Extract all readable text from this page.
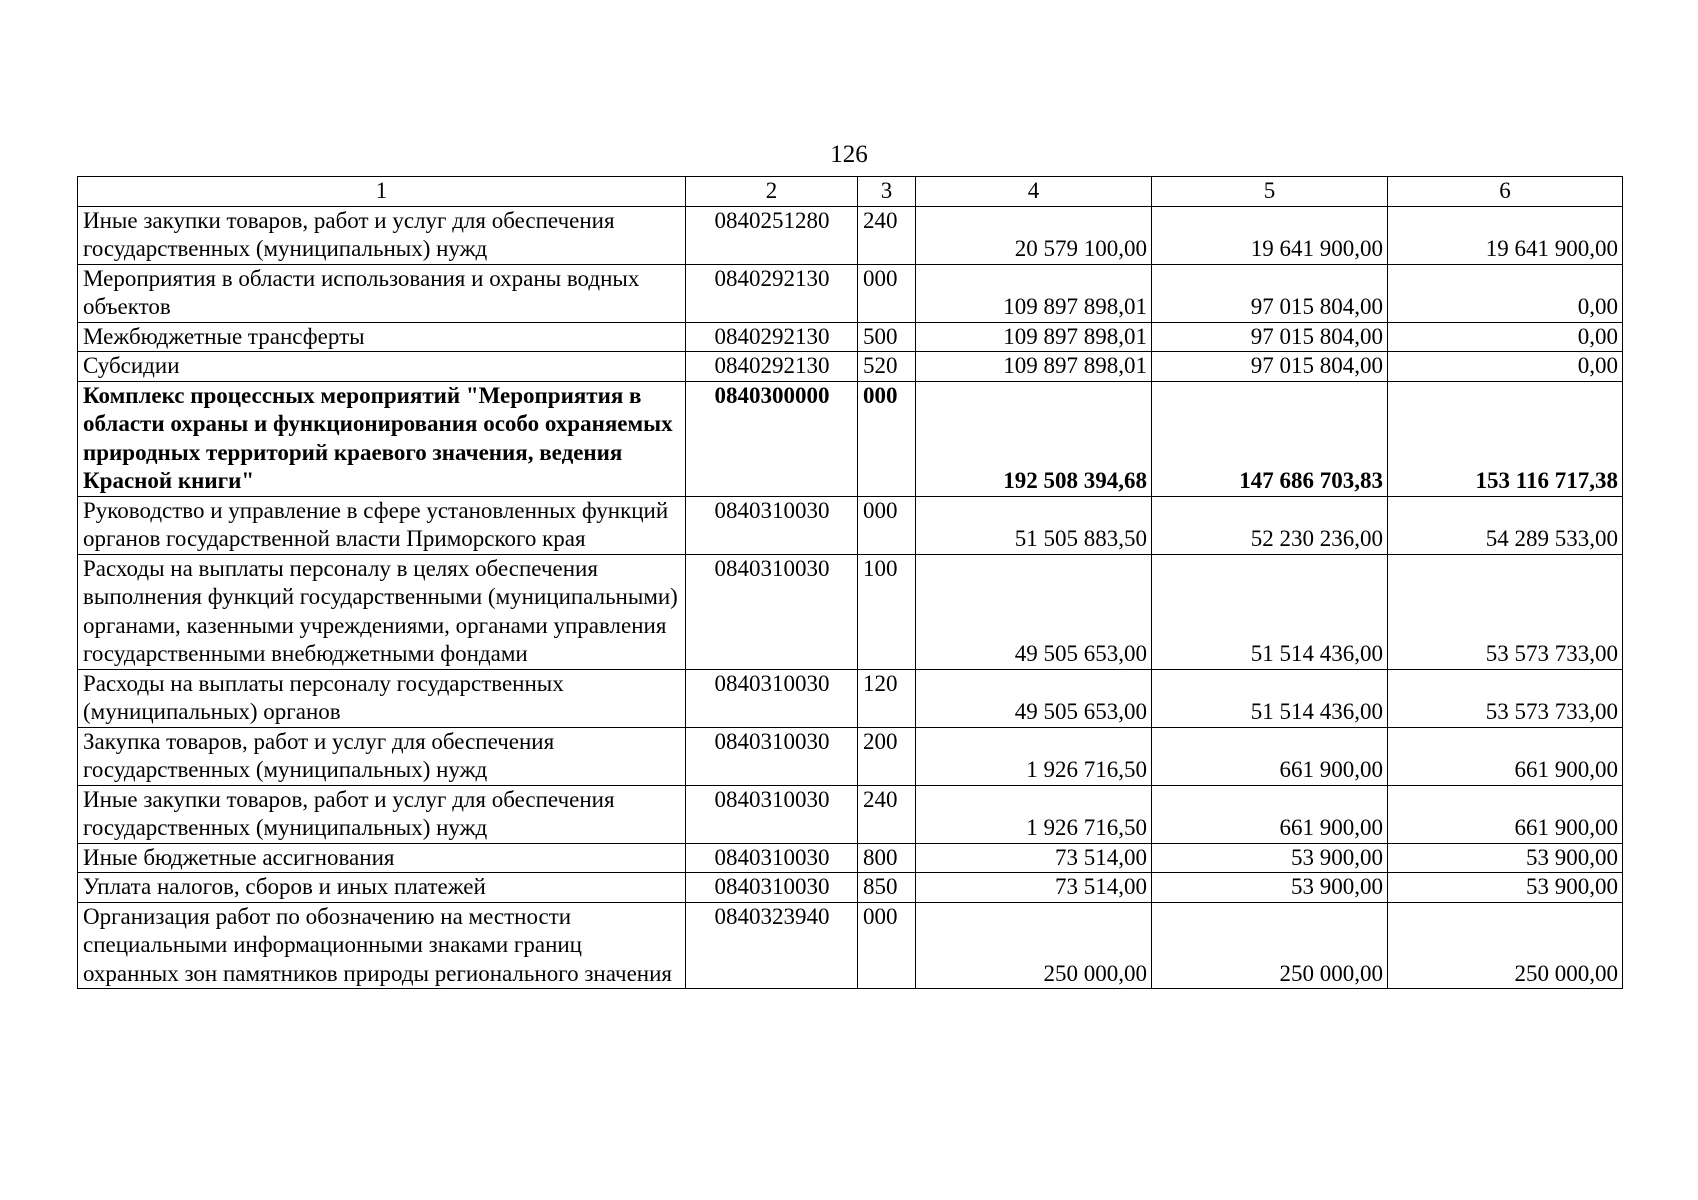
126
1	2	3	4	5	6
Иные закупки товаров, работ и услуг для обеспечения государственных (муниципальных) нужд	0840251280	240	20 579 100,00	19 641 900,00	19 641 900,00
Мероприятия в области использования и охраны водных объектов	0840292130	000	109 897 898,01	97 015 804,00	0,00
Межбюджетные трансферты	0840292130	500	109 897 898,01	97 015 804,00	0,00
Субсидии	0840292130	520	109 897 898,01	97 015 804,00	0,00
Комплекс процессных мероприятий "Мероприятия в области охраны и функционирования особо охраняемых природных территорий краевого значения, ведения Красной книги"	0840300000	000	192 508 394,68	147 686 703,83	153 116 717,38
Руководство и управление в сфере установленных функций органов государственной власти Приморского края	0840310030	000	51 505 883,50	52 230 236,00	54 289 533,00
Расходы на выплаты персоналу в целях обеспечения выполнения функций государственными (муниципальными) органами, казенными учреждениями, органами управления государственными внебюджетными фондами	0840310030	100	49 505 653,00	51 514 436,00	53 573 733,00
Расходы на выплаты персоналу государственных (муниципальных) органов	0840310030	120	49 505 653,00	51 514 436,00	53 573 733,00
Закупка товаров, работ и услуг для обеспечения государственных (муниципальных) нужд	0840310030	200	1 926 716,50	661 900,00	661 900,00
Иные закупки товаров, работ и услуг для обеспечения государственных (муниципальных) нужд	0840310030	240	1 926 716,50	661 900,00	661 900,00
Иные бюджетные ассигнования	0840310030	800	73 514,00	53 900,00	53 900,00
Уплата налогов, сборов и иных платежей	0840310030	850	73 514,00	53 900,00	53 900,00
Организация работ по обозначению на местности специальными информационными знаками границ охранных зон памятников природы регионального значения	0840323940	000	250 000,00	250 000,00	250 000,00
